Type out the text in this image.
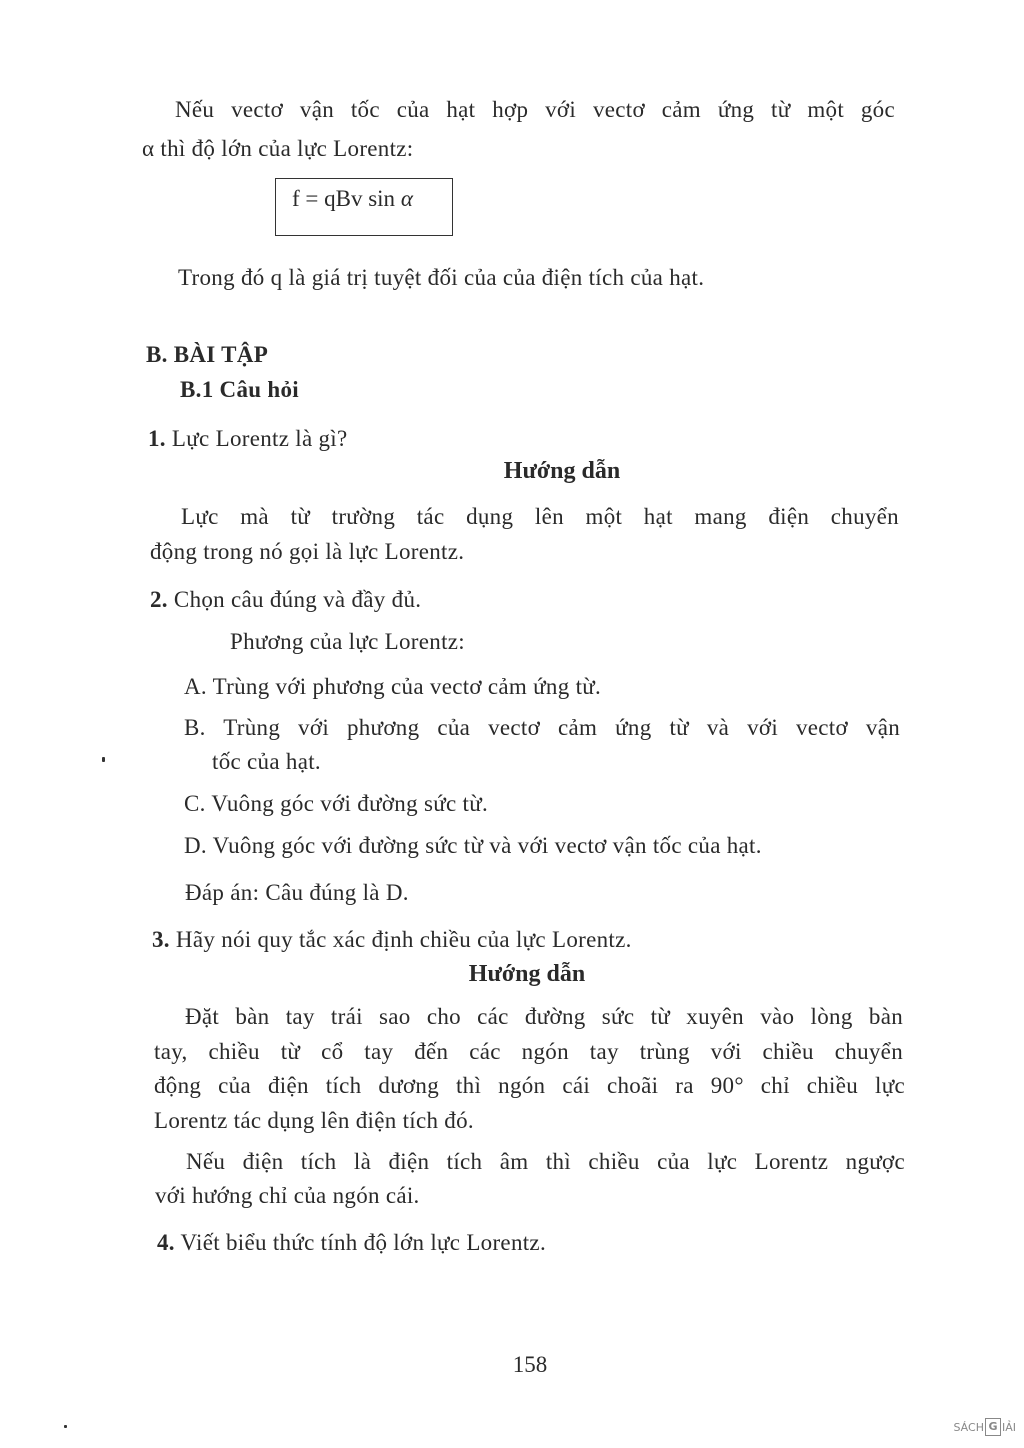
Nếu vectơ vận tốc của hạt hợp với vectơ cảm ứng từ một góc
α thì độ lớn của lực Lorentz:
f = qBv sin α
Trong đó q là giá trị tuyệt đối của của điện tích của hạt.
B. BÀI TẬP
B.1 Câu hỏi
1. Lực Lorentz là gì?
Hướng dẫn
Lực mà từ trường tác dụng lên một hạt mang điện chuyển
động trong nó gọi là lực Lorentz.
2. Chọn câu đúng và đầy đủ.
Phương của lực Lorentz:
A. Trùng với phương của vectơ cảm ứng từ.
B. Trùng với phương của vectơ cảm ứng từ và với vectơ vận
tốc của hạt.
C. Vuông góc với đường sức từ.
D. Vuông góc với đường sức từ và với vectơ vận tốc của hạt.
Đáp án: Câu đúng là D.
3. Hãy nói quy tắc xác định chiều của lực Lorentz.
Hướng dẫn
Đặt bàn tay trái sao cho các đường sức từ xuyên vào lòng bàn
tay, chiều từ cổ tay đến các ngón tay trùng với chiều chuyển
động của điện tích dương thì ngón cái choãi ra 90° chỉ chiều lực
Lorentz tác dụng lên điện tích đó.
Nếu điện tích là điện tích âm thì chiều của lực Lorentz ngược
với hướng chỉ của ngón cái.
4. Viết biểu thức tính độ lớn lực Lorentz.
158
SÁCH G IẢI
